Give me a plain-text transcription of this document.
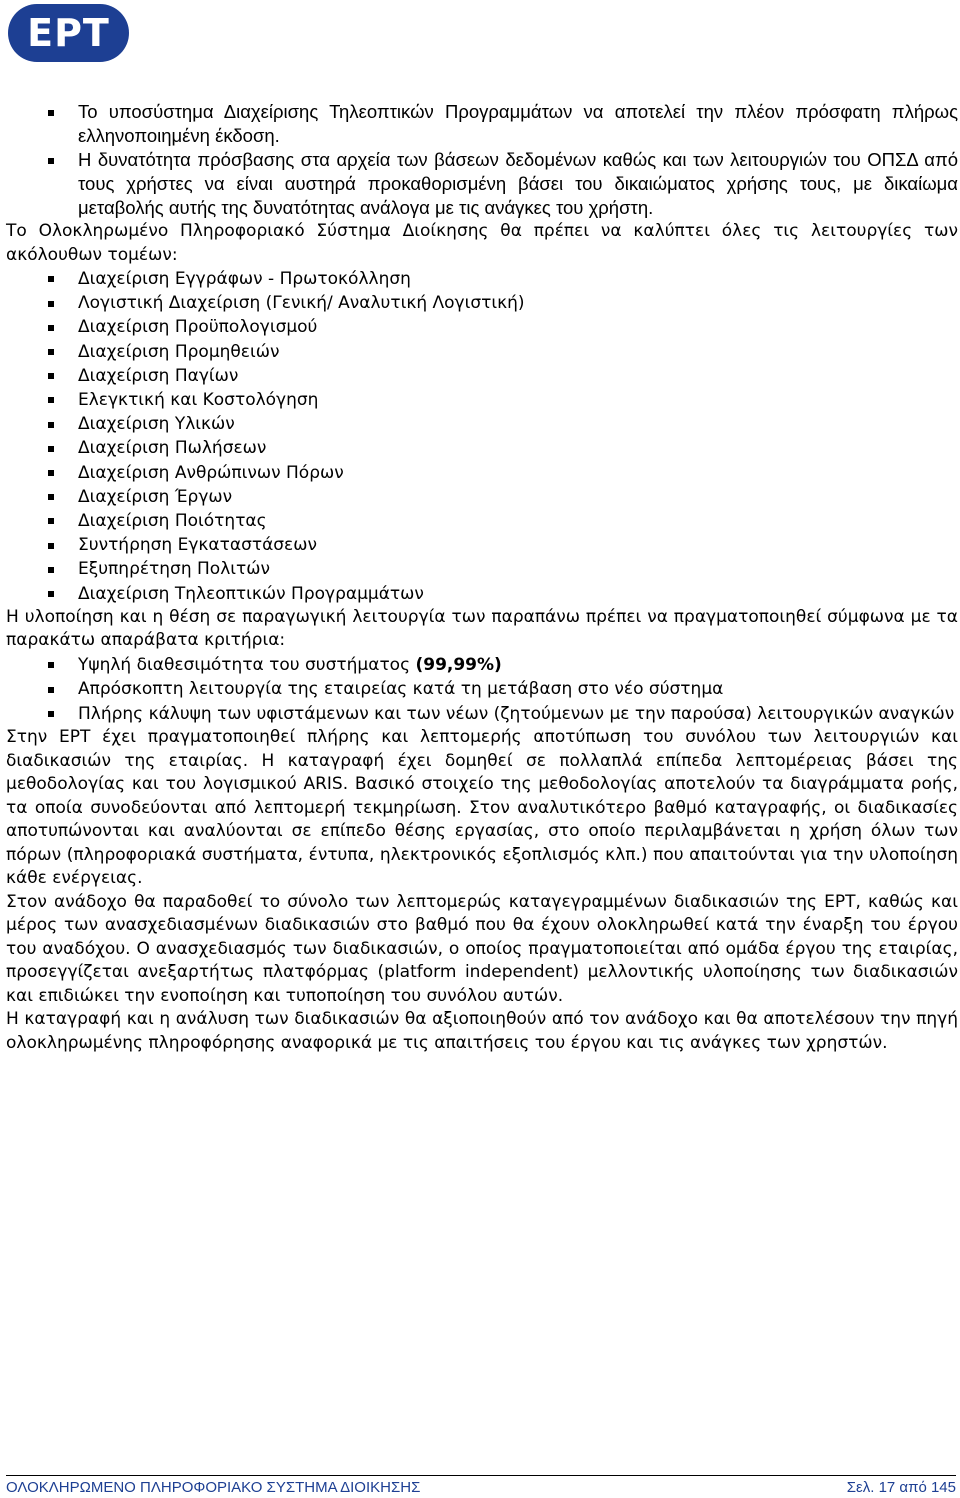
ΕΡΤ
Το υποσύστημα Διαχείρισης Τηλεοπτικών Προγραμμάτων να αποτελεί την πλέον πρόσφατη πλήρως ελληνοποιημένη έκδοση.
Η δυνατότητα πρόσβασης στα αρχεία των βάσεων δεδομένων καθώς και των λειτουργιών του ΟΠΣΔ από τους χρήστες να είναι αυστηρά προκαθορισμένη βάσει του δικαιώματος χρήσης τους, με δικαίωμα μεταβολής αυτής της δυνατότητας ανάλογα με τις ανάγκες του χρήστη.

Το Ολοκληρωμένο Πληροφοριακό Σύστημα Διοίκησης θα πρέπει να καλύπτει όλες τις λειτουργίες των ακόλουθων τομέων:

Διαχείριση Εγγράφων - Πρωτοκόλληση
Λογιστική Διαχείριση (Γενική/ Αναλυτική Λογιστική)
Διαχείριση Προϋπολογισμού
Διαχείριση Προμηθειών
Διαχείριση Παγίων
Ελεγκτική και Κοστολόγηση
Διαχείριση Υλικών
Διαχείριση Πωλήσεων
Διαχείριση Ανθρώπινων Πόρων
Διαχείριση Έργων
Διαχείριση Ποιότητας
Συντήρηση Εγκαταστάσεων
Εξυπηρέτηση Πολιτών
Διαχείριση Τηλεοπτικών Προγραμμάτων

Η υλοποίηση και η θέση σε παραγωγική λειτουργία των παραπάνω πρέπει να πραγματοποιηθεί σύμφωνα με τα παρακάτω απαράβατα κριτήρια:

Υψηλή διαθεσιμότητα του συστήματος (99,99%)
Απρόσκοπτη λειτουργία της εταιρείας κατά τη μετάβαση στο νέο σύστημα
Πλήρης κάλυψη των υφιστάμενων και των νέων (ζητούμενων με την παρούσα) λειτουργικών αναγκών

Στην ΕΡΤ έχει πραγματοποιηθεί πλήρης και λεπτομερής αποτύπωση του συνόλου των λειτουργιών και διαδικασιών της εταιρίας. Η καταγραφή έχει δομηθεί σε πολλαπλά επίπεδα λεπτομέρειας βάσει της μεθοδολογίας και του λογισμικού ARIS. Βασικό στοιχείο της μεθοδολογίας αποτελούν τα διαγράμματα ροής, τα οποία συνοδεύονται από λεπτομερή τεκμηρίωση. Στον αναλυτικότερο βαθμό καταγραφής, οι διαδικασίες αποτυπώνονται και αναλύονται σε επίπεδο θέσης εργασίας, στο οποίο περιλαμβάνεται η χρήση όλων των πόρων (πληροφοριακά συστήματα, έντυπα, ηλεκτρονικός εξοπλισμός κλπ.) που απαιτούνται για την υλοποίηση κάθε ενέργειας.

Στον ανάδοχο θα παραδοθεί το σύνολο των λεπτομερώς καταγεγραμμένων διαδικασιών της ΕΡΤ, καθώς και μέρος των ανασχεδιασμένων διαδικασιών στο βαθμό που θα έχουν ολοκληρωθεί κατά την έναρξη του έργου του αναδόχου. Ο ανασχεδιασμός των διαδικασιών, ο οποίος πραγματοποιείται από ομάδα έργου της εταιρίας, προσεγγίζεται ανεξαρτήτως πλατφόρμας (platform independent) μελλοντικής υλοποίησης των διαδικασιών και επιδιώκει την ενοποίηση και τυποποίηση του συνόλου αυτών.

Η καταγραφή και η ανάλυση των διαδικασιών θα αξιοποιηθούν από τον ανάδοχο και θα αποτελέσουν την πηγή ολοκληρωμένης πληροφόρησης αναφορικά με τις απαιτήσεις του έργου και τις ανάγκες των χρηστών.

ΟΛΟΚΛΗΡΩΜΕΝΟ ΠΛΗΡΟΦΟΡΙΑΚΟ ΣΥΣΤΗΜΑ ΔΙΟΙΚΗΣΗΣ	Σελ. 17 από 145
